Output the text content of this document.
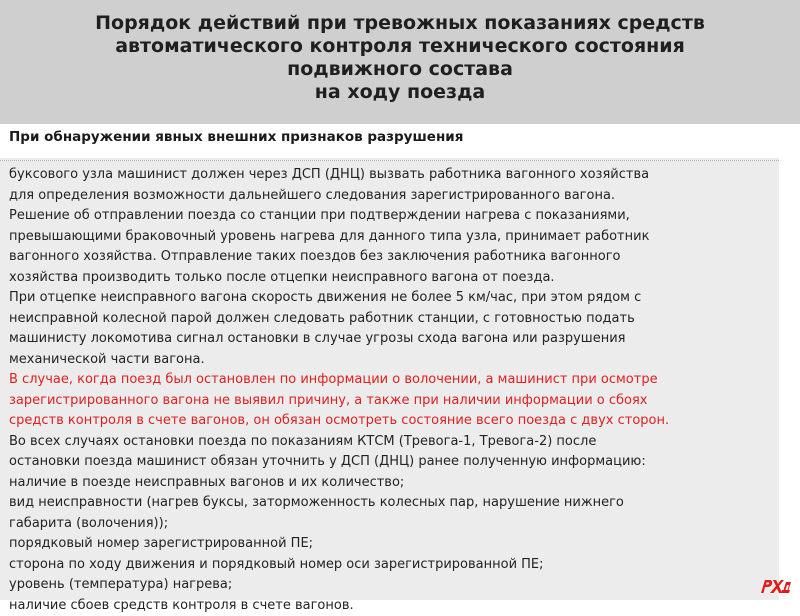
Порядок действий при тревожных показаниях средств
автоматического контроля технического состояния
подвижного состава
на ходу поезда

При обнаружении явных внешних признаков разрушения

буксового узла машинист должен через ДСП (ДНЦ) вызвать работника вагонного хозяйства
для определения возможности дальнейшего следования зарегистрированного вагона.
Решение об отправлении поезда со станции при подтверждении нагрева с показаниями,
превышающими браковочный уровень нагрева для данного типа узла, принимает работник
вагонного хозяйства. Отправление таких поездов без заключения работника вагонного
хозяйства производить только после отцепки неисправного вагона от поезда.
При отцепке неисправного вагона скорость движения не более 5 км/час, при этом рядом с
неисправной колесной парой должен следовать работник станции, с готовностью подать
машинисту локомотива сигнал остановки в случае угрозы схода вагона или разрушения
механической части вагона.
В случае, когда поезд был остановлен по информации о волочении, а машинист при осмотре
зарегистрированного вагона не выявил причину, а также при наличии информации о сбоях
средств контроля в счете вагонов, он обязан осмотреть состояние всего поезда с двух сторон.
Во всех случаях остановки поезда по показаниям КТСМ (Тревога-1, Тревога-2) после
остановки поезда машинист обязан уточнить у ДСП (ДНЦ) ранее полученную информацию:
наличие в поезде неисправных вагонов и их количество;
вид неисправности (нагрев буксы, заторможенность колесных пар, нарушение нижнего
габарита (волочения));
порядковый номер зарегистрированной ПЕ;
сторона по ходу движения и порядковый номер оси зарегистрированной ПЕ;
уровень (температура) нагрева;
наличие сбоев средств контроля в счете вагонов.
